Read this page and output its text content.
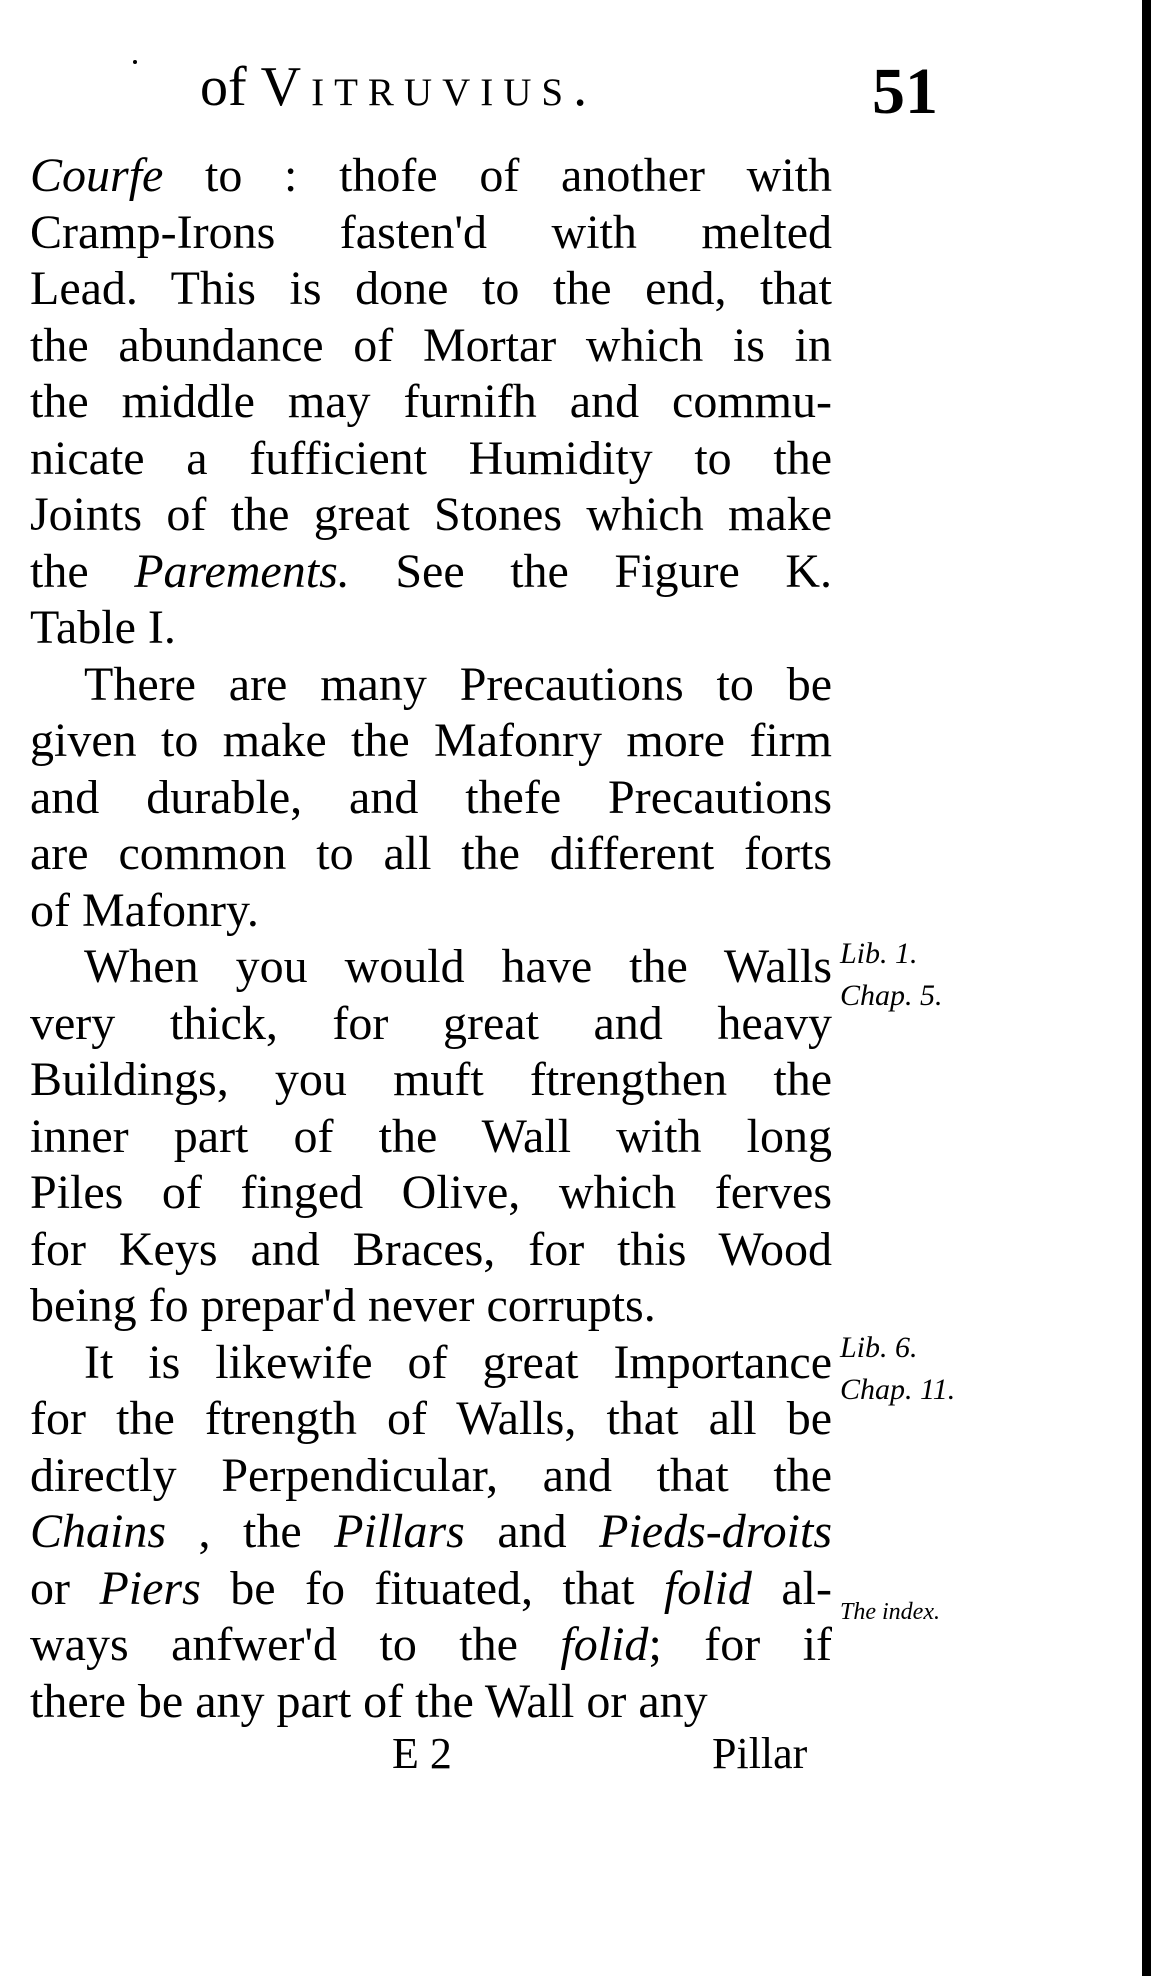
of Vitruvius.	51
Courfe to : thofe of another with
Cramp-Irons fasten'd with melted
Lead. This is done to the end, that
the abundance of Mortar which is in
the middle may furnifh and commu-
nicate a fufficient Humidity to the
Joints of the great Stones which make
the Parements. See the Figure K.
Table I.
There are many Precautions to be
given to make the Mafonry more firm
and durable, and thefe Precautions
are common to all the different forts
of Mafonry.
When you would have the Walls
very thick, for great and heavy
Buildings, you muft ftrengthen the
inner part of the Wall with long
Piles of finged Olive, which ferves
for Keys and Braces, for this Wood
being fo prepar'd never corrupts.
It is likewife of great Importance
for the ftrength of Walls, that all be
directly Perpendicular, and that the
Chains , the Pillars and Pieds-droits
or Piers be fo fituated, that folid al-
ways anfwer'd to the folid; for if
there be any part of the Wall or any
Lib. 1.
Chap. 5.
Lib. 6.
Chap. 11.
The index.
E 2	Pillar
